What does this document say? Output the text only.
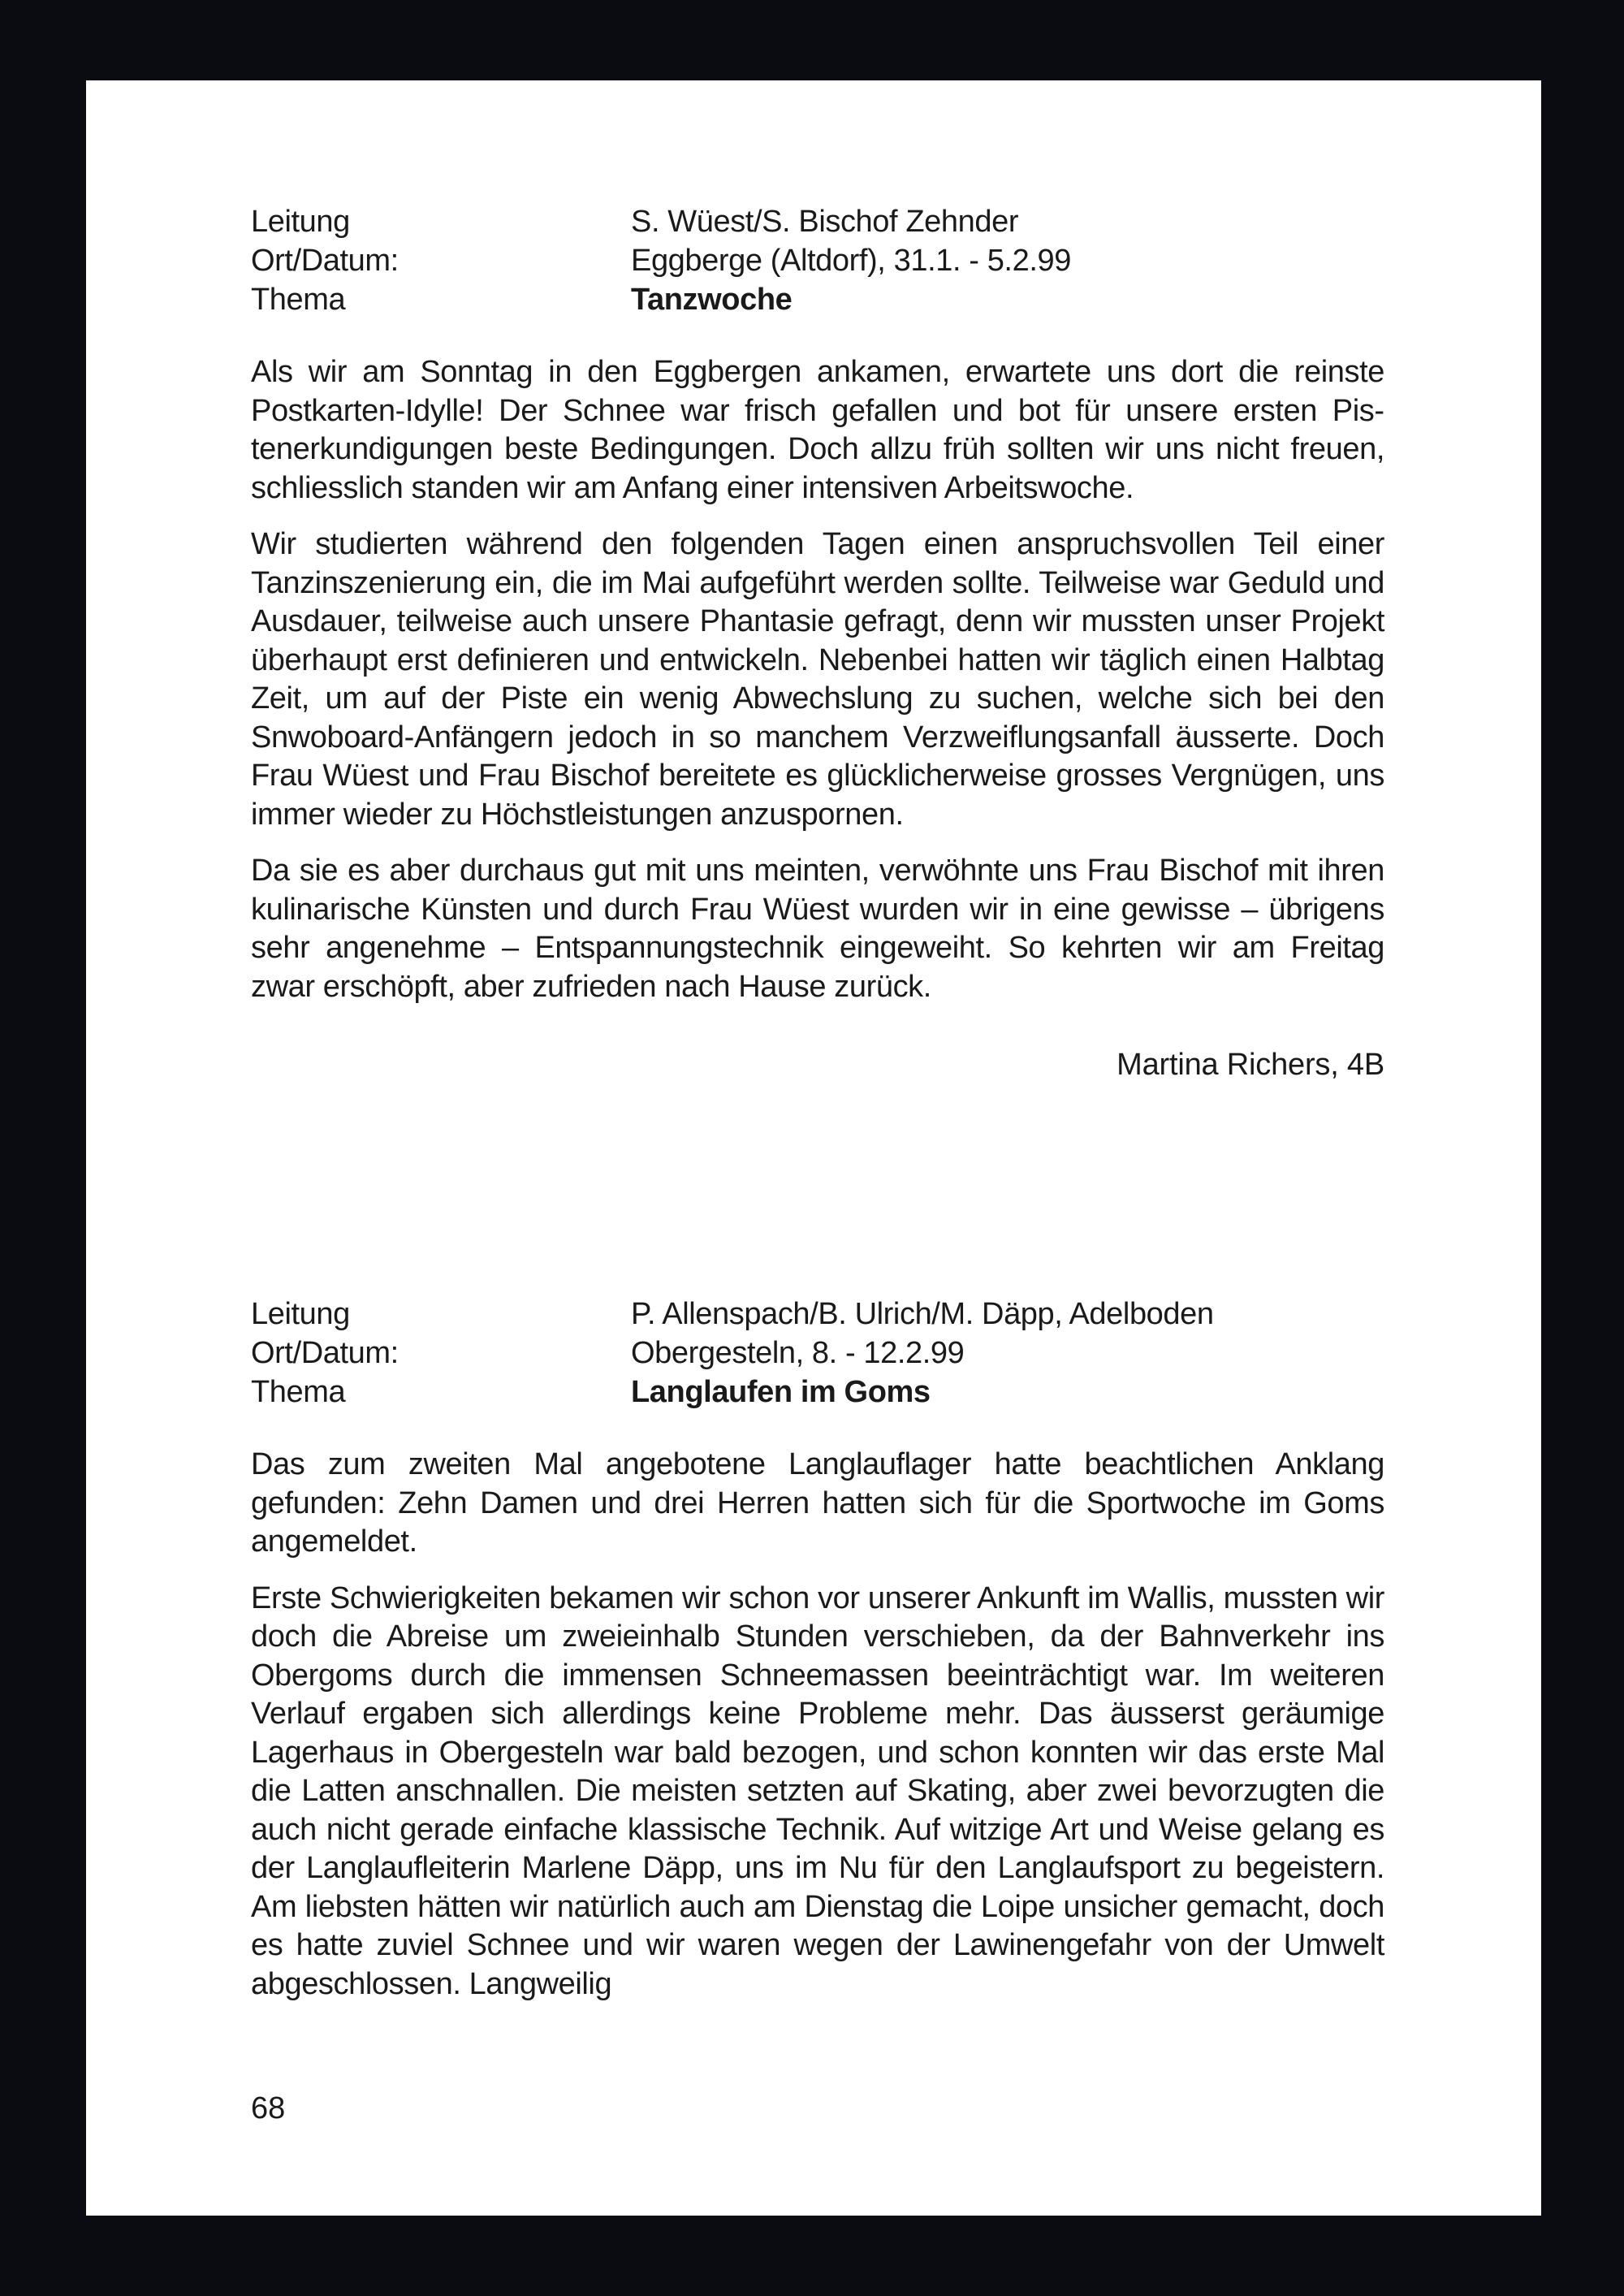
Leitung	S. Wüest/S. Bischof Zehnder
Ort/Datum:	Eggberge (Altdorf), 31.1. - 5.2.99
Thema	Tanzwoche

Als wir am Sonntag in den Eggbergen ankamen, erwartete uns dort die reinste Postkarten-Idylle! Der Schnee war frisch gefallen und bot für unsere ersten Pistenerkundigungen beste Bedingungen. Doch allzu früh sollten wir uns nicht freuen, schliesslich standen wir am Anfang einer intensiven Arbeitswoche.

Wir studierten während den folgenden Tagen einen anspruchsvollen Teil einer Tanzinszenierung ein, die im Mai aufgeführt werden sollte. Teilweise war Geduld und Ausdauer, teilweise auch unsere Phantasie gefragt, denn wir mussten unser Projekt überhaupt erst definieren und entwickeln. Nebenbei hatten wir täglich einen Halbtag Zeit, um auf der Piste ein wenig Abwechslung zu suchen, welche sich bei den Snwoboard-Anfängern jedoch in so manchem Verzweiflungsanfall äusserte. Doch Frau Wüest und Frau Bischof bereitete es glücklicherweise grosses Vergnügen, uns immer wieder zu Höchstleistungen anzuspornen.

Da sie es aber durchaus gut mit uns meinten, verwöhnte uns Frau Bischof mit ihren kulinarische Künsten und durch Frau Wüest wurden wir in eine gewisse – übrigens sehr angenehme – Entspannungstechnik eingeweiht. So kehrten wir am Freitag zwar erschöpft, aber zufrieden nach Hause zurück.

Martina Richers, 4B
Leitung	P. Allenspach/B. Ulrich/M. Däpp, Adelboden
Ort/Datum:	Obergesteln, 8. - 12.2.99
Thema	Langlaufen im Goms

Das zum zweiten Mal angebotene Langlauflager hatte beachtlichen Anklang gefunden: Zehn Damen und drei Herren hatten sich für die Sportwoche im Goms angemeldet.

Erste Schwierigkeiten bekamen wir schon vor unserer Ankunft im Wallis, mussten wir doch die Abreise um zweieinhalb Stunden verschieben, da der Bahnverkehr ins Obergoms durch die immensen Schneemassen beeinträchtigt war. Im weiteren Verlauf ergaben sich allerdings keine Probleme mehr. Das äusserst geräumige Lagerhaus in Obergesteln war bald bezogen, und schon konnten wir das erste Mal die Latten anschnallen. Die meisten setzten auf Skating, aber zwei bevorzugten die auch nicht gerade einfache klassische Technik. Auf witzige Art und Weise gelang es der Langlaufleiterin Marlene Däpp, uns im Nu für den Langlaufsport zu begeistern. Am liebsten hätten wir natürlich auch am Dienstag die Loipe unsicher gemacht, doch es hatte zuviel Schnee und wir waren wegen der Lawinengefahr von der Umwelt abgeschlossen. Langweilig

68
